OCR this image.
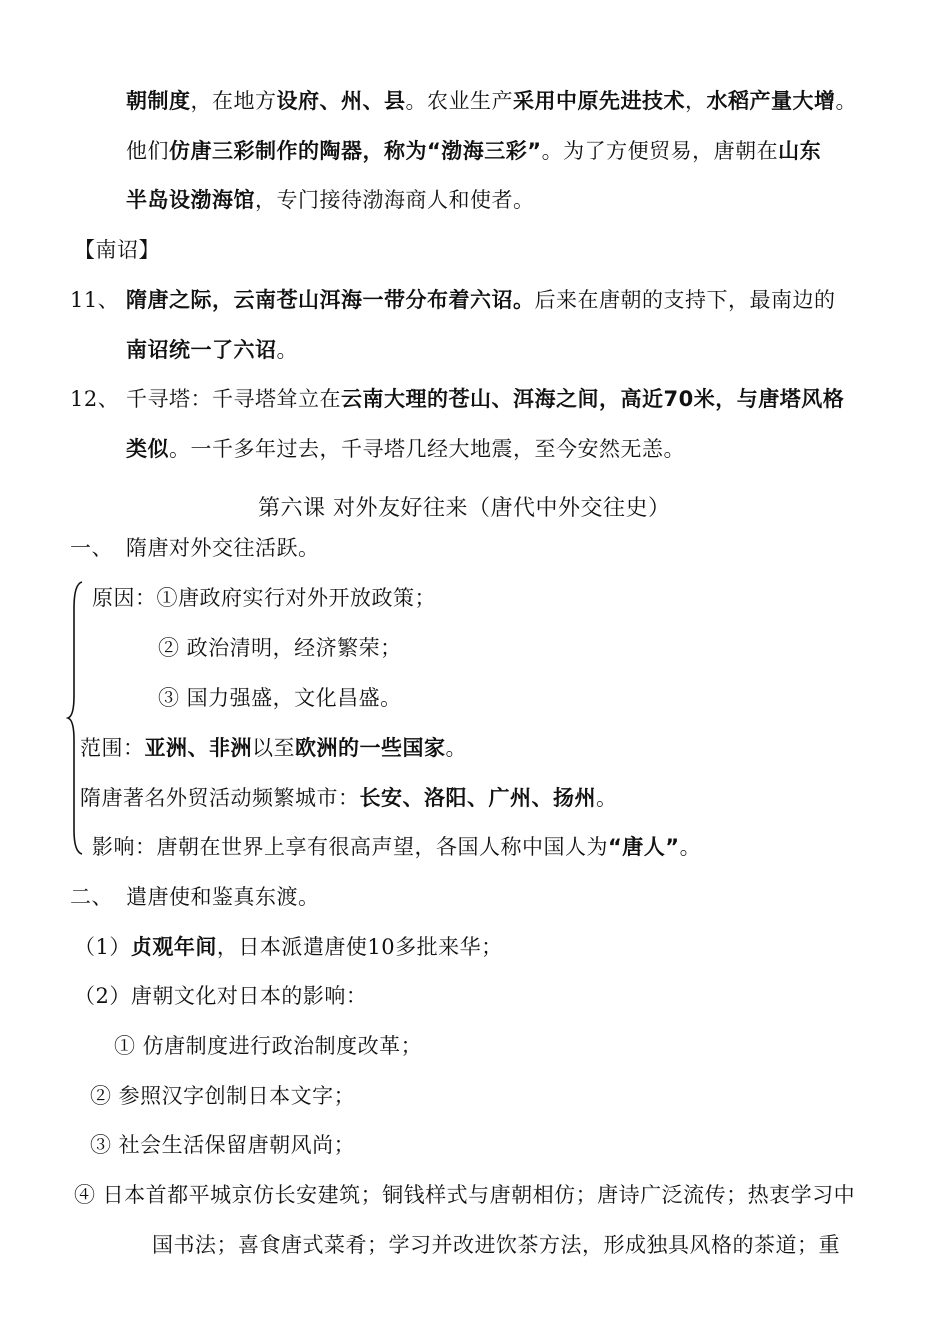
朝制度，在地方设府、州、县。农业生产采用中原先进技术，水稻产量大增。
他们仿唐三彩制作的陶器，称为“渤海三彩”。为了方便贸易，唐朝在山东
半岛设渤海馆，专门接待渤海商人和使者。
【南诏】
11、 隋唐之际，云南苍山洱海一带分布着六诏。后来在唐朝的支持下，最南边的
南诏统一了六诏。
12、 千寻塔：千寻塔耸立在云南大理的苍山、洱海之间，高近70米，与唐塔风格
类似。一千多年过去，千寻塔几经大地震，至今安然无恙。
第六课 对外友好往来（唐代中外交往史）
一、 隋唐对外交往活跃。
原因：①唐政府实行对外开放政策；
② 政治清明，经济繁荣；
③ 国力强盛，文化昌盛。
范围：亚洲、非洲以至欧洲的一些国家。
隋唐著名外贸活动频繁城市：长安、洛阳、广州、扬州。
影响：唐朝在世界上享有很高声望，各国人称中国人为“唐人”。
二、 遣唐使和鉴真东渡。
（1）贞观年间，日本派遣唐使10多批来华；
（2）唐朝文化对日本的影响：
① 仿唐制度进行政治制度改革；
② 参照汉字创制日本文字；
③ 社会生活保留唐朝风尚；
④ 日本首都平城京仿长安建筑；铜钱样式与唐朝相仿；唐诗广泛流传；热衷学习中
国书法；喜食唐式菜肴；学习并改进饮茶方法，形成独具风格的茶道；重
